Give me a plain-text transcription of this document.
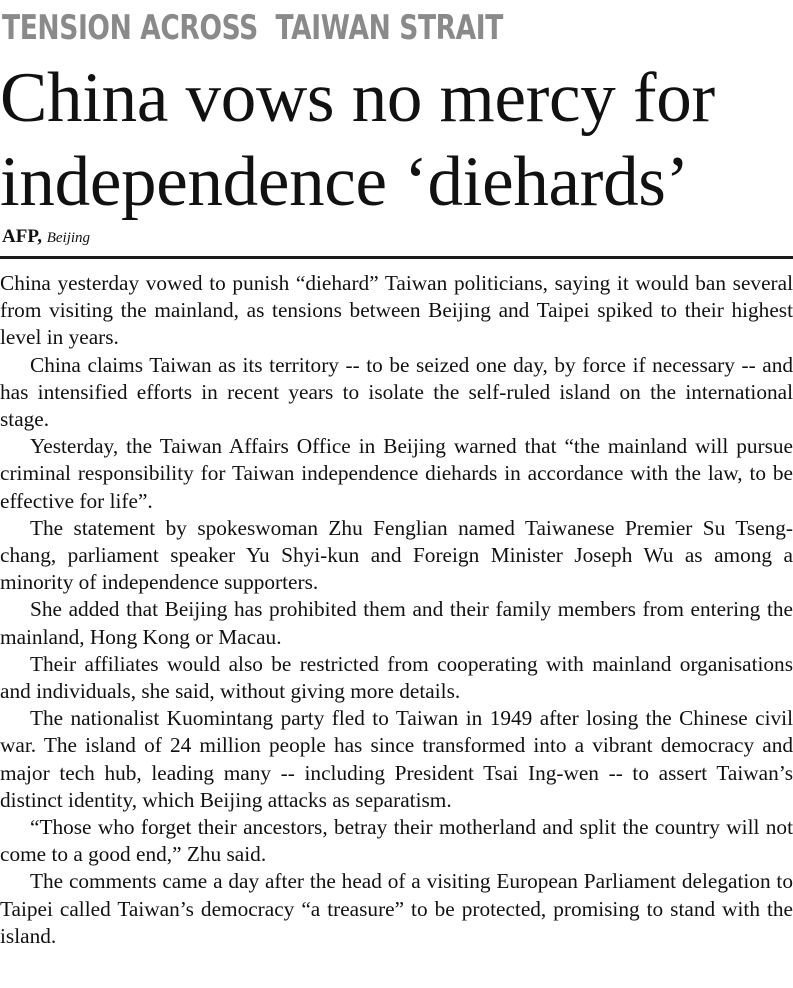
TENSION ACROSS  TAIWAN STRAIT
China vows no mercy for
independence ‘diehards’
AFP, Beijing

China yesterday vowed to punish “diehard” Taiwan politicians, saying it would ban several from visiting the mainland, as tensions between Beijing and Taipei spiked to their highest level in years.

China claims Taiwan as its territory -- to be seized one day, by force if necessary -- and has intensified efforts in recent years to isolate the self-ruled island on the international stage.

Yesterday, the Taiwan Affairs Office in Beijing warned that “the mainland will pursue criminal responsibility for Taiwan independence diehards in accordance with the law, to be effective for life”.

The statement by spokeswoman Zhu Fenglian named Taiwanese Premier Su Tseng-chang, parliament speaker Yu Shyi-kun and Foreign Minister Joseph Wu as among a minority of independence supporters.

She added that Beijing has prohibited them and their family members from entering the mainland, Hong Kong or Macau.

Their affiliates would also be restricted from cooperating with mainland organisations and individuals, she said, without giving more details.

The nationalist Kuomintang party fled to Taiwan in 1949 after losing the Chinese civil war. The island of 24 million people has since transformed into a vibrant democracy and major tech hub, leading many -- including President Tsai Ing-wen -- to assert Taiwan’s distinct identity, which Beijing attacks as separatism.

“Those who forget their ancestors, betray their motherland and split the country will not come to a good end,” Zhu said.

The comments came a day after the head of a visiting European Parliament delegation to Taipei called Taiwan’s democracy “a treasure” to be protected, promising to stand with the island.
